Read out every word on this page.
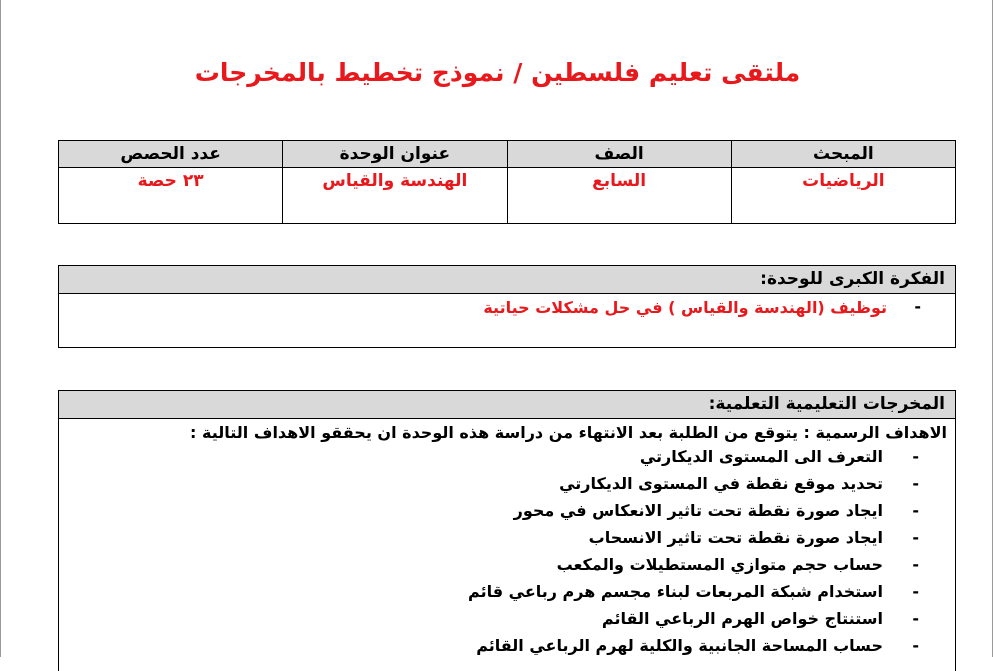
ملتقى تعليم فلسطين / نموذج تخطيط بالمخرجات
المبحث	الصف	عنوان الوحدة	عدد الحصص
الرياضيات	السابع	الهندسة والقياس	٢٣ حصة
الفكرة الكبرى للوحدة:
-
توظيف (الهندسة والقياس ) في حل مشكلات حياتية
المخرجات التعليمية التعلمية:
الاهداف الرسمية : يتوقع من الطلبة بعد الانتهاء من دراسة هذه الوحدة ان يحققو الاهداف التالية :
-
التعرف الى المستوى الديكارتي
-
تحديد موقع نقطة في المستوى الديكارتي
-
ايجاد صورة نقطة تحت تاثير الانعكاس في محور
-
ايجاد صورة نقطة تحت تاثير الانسحاب
-
حساب حجم متوازي المستطيلات والمكعب
-
استخدام شبكة المربعات لبناء مجسم هرم رباعي قائم
-
استنتاج خواص الهرم الرباعي القائم
-
حساب المساحة الجانبية والكلية لهرم الرباعي القائم
